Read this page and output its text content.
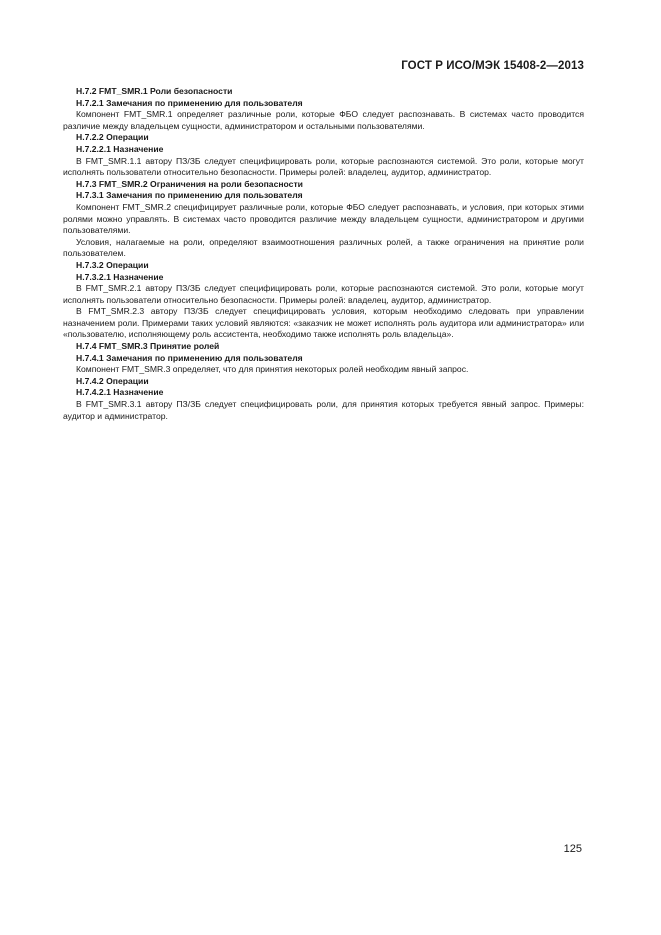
ГОСТ Р ИСО/МЭК 15408-2—2013

H.7.2 FMT_SMR.1 Роли безопасности

H.7.2.1 Замечания по применению для пользователя

Компонент FMT_SMR.1 определяет различные роли, которые ФБО следует распознавать. В системах часто проводится различие между владельцем сущности, администратором и остальными пользователями.

H.7.2.2 Операции

H.7.2.2.1 Назначение

В FMT_SMR.1.1 автору ПЗ/ЗБ следует специфицировать роли, которые распознаются системой. Это роли, которые могут исполнять пользователи относительно безопасности. Примеры ролей: владелец, аудитор, администратор.

H.7.3 FMT_SMR.2 Ограничения на роли безопасности

H.7.3.1 Замечания по применению для пользователя

Компонент FMT_SMR.2 специфицирует различные роли, которые ФБО следует распознавать, и условия, при которых этими ролями можно управлять. В системах часто проводится различие между владельцем сущности, администратором и другими пользователями.

Условия, налагаемые на роли, определяют взаимоотношения различных ролей, а также ограничения на принятие роли пользователем.

H.7.3.2 Операции

H.7.3.2.1 Назначение

В FMT_SMR.2.1 автору ПЗ/ЗБ следует специфицировать роли, которые распознаются системой. Это роли, которые могут исполнять пользователи относительно безопасности. Примеры ролей: владелец, аудитор, администратор.

В FMT_SMR.2.3 автору ПЗ/ЗБ следует специфицировать условия, которым необходимо следовать при управлении назначением роли. Примерами таких условий являются: «заказчик не может исполнять роль аудитора или администратора» или «пользователю, исполняющему роль ассистента, необходимо также исполнять роль владельца».

H.7.4 FMT_SMR.3 Принятие ролей

H.7.4.1 Замечания по применению для пользователя

Компонент FMT_SMR.3 определяет, что для принятия некоторых ролей необходим явный запрос.

H.7.4.2 Операции

H.7.4.2.1 Назначение

В FMT_SMR.3.1 автору ПЗ/ЗБ следует специфицировать роли, для принятия которых требуется явный запрос. Примеры: аудитор и администратор.

125
